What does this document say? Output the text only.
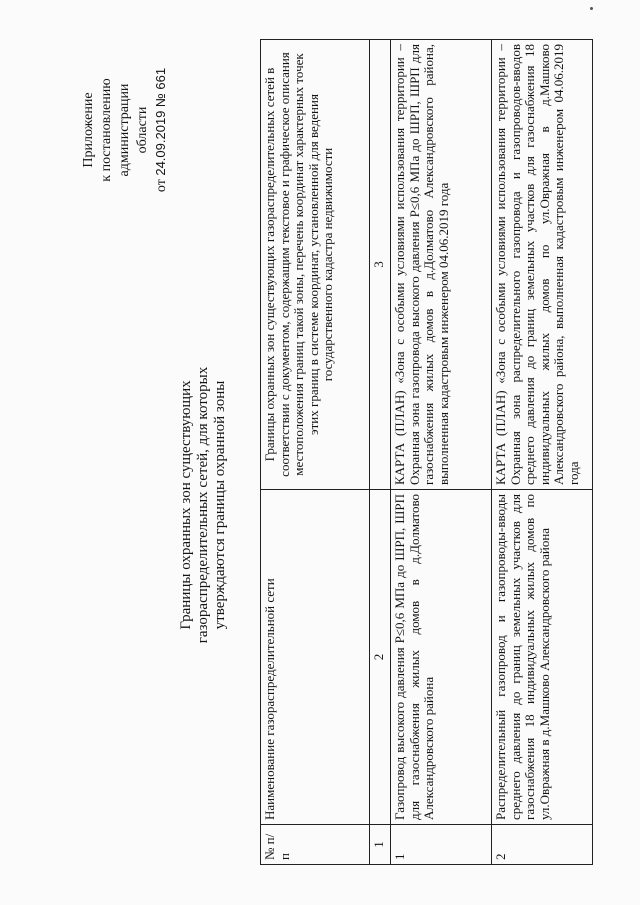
Приложение к постановлению администрации области
от 24.09.2019 № 661
Границы охранных зон существующих газораспределительных сетей, для которых утверждаются границы охранной зоны
№ п/п	Наименование газораспределительной сети	Границы охранных зон существующих газораспределительных сетей в соответствии с документом, содержащим текстовое и графическое описания местоположения границ такой зоны, перечень координат характерных точек этих границ в системе координат, установленной для ведения государственного кадастра недвижимости
1	2	3
1	Газопровод высокого давления Р≤0,6 МПа до ШРП, ШРП для газоснабжения жилых домов в д.Долматово Александровского района	КАРТА (ПЛАН) «Зона с особыми условиями использования территории – Охранная зона газопровода высокого давления Р≤0,6 МПа до ШРП, ШРП для газоснабжения жилых домов в д.Долматово Александровского района, выполненная кадастровым инженером 04.06.2019 года
2	Распределительный газопровод и газопроводы-вводы среднего давления до границ земельных участков для газоснабжения 18 индивидуальных жилых домов по ул.Овражная в д.Машково Александровского района	КАРТА (ПЛАН) «Зона с особыми условиями использования территории – Охранная зона распределительного газопровода и газопроводов-вводов среднего давления до границ земельных участков для газоснабжения 18 индивидуальных жилых домов по ул.Овражная в д.Машково Александровского района, выполненная кадастровым инженером 04.06.2019 года
